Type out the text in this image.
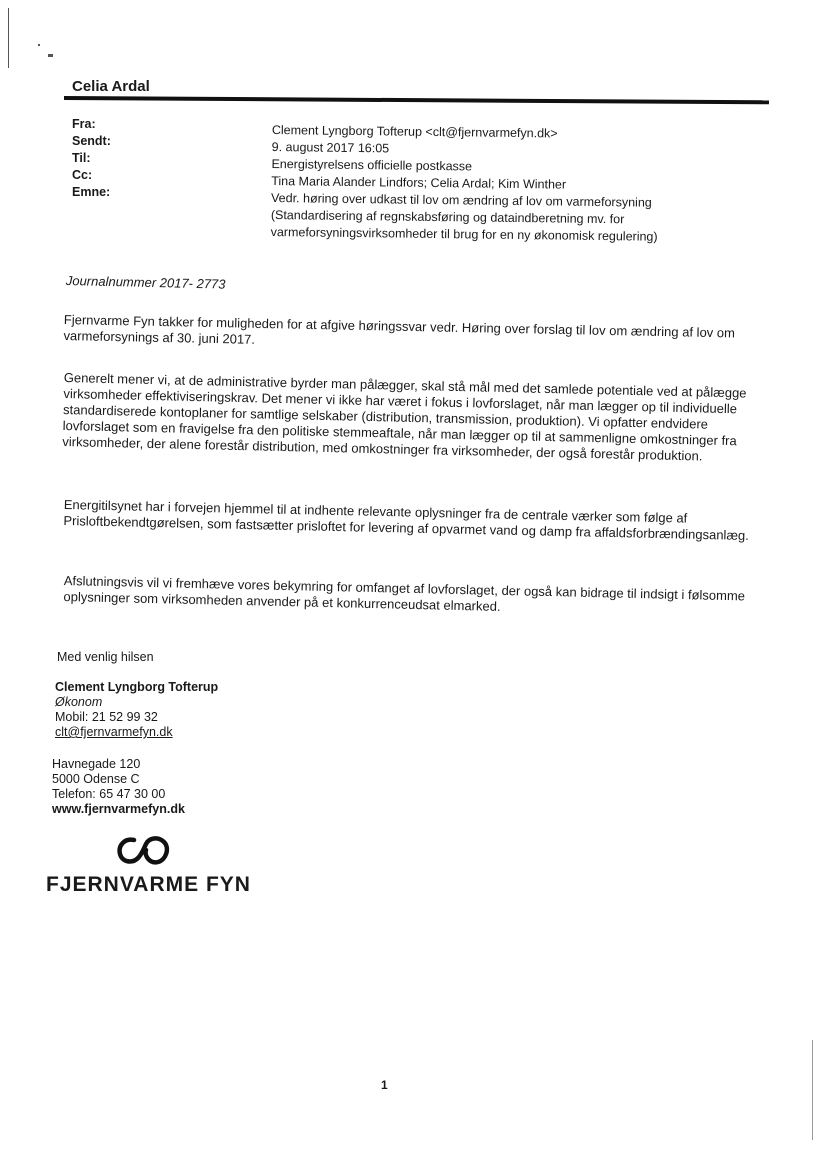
Celia Ardal
Fra:
Sendt:
Til:
Cc:
Emne:
Clement Lyngborg Tofterup <clt@fjernvarmefyn.dk>
9. august 2017 16:05
Energistyrelsens officielle postkasse
Tina Maria Alander Lindfors; Celia Ardal; Kim Winther
Vedr. høring over udkast til lov om ændring af lov om varmeforsyning
(Standardisering af regnskabsføring og dataindberetning mv. for
varmeforsyningsvirksomheder til brug for en ny økonomisk regulering)
Journalnummer 2017- 2773
Fjernvarme Fyn takker for muligheden for at afgive høringssvar vedr. Høring over forslag til lov om ændring af lov om varmeforsynings af 30. juni 2017.
Generelt mener vi, at de administrative byrder man pålægger, skal stå mål med det samlede potentiale ved at pålægge virksomheder effektiviseringskrav. Det mener vi ikke har været i fokus i lovforslaget, når man lægger op til individuelle standardiserede kontoplaner for samtlige selskaber (distribution, transmission, produktion). Vi opfatter endvidere lovforslaget som en fravigelse fra den politiske stemmeaftale, når man lægger op til at sammenligne omkostninger fra virksomheder, der alene forestår distribution, med omkostninger fra virksomheder, der også forestår produktion.
Energitilsynet har i forvejen hjemmel til at indhente relevante oplysninger fra de centrale værker som følge af Prisloftbekendtgørelsen, som fastsætter prisloftet for levering af opvarmet vand og damp fra affaldsforbrændingsanlæg.
Afslutningsvis vil vi fremhæve vores bekymring for omfanget af lovforslaget, der også kan bidrage til indsigt i følsomme oplysninger som virksomheden anvender på et konkurrenceudsat elmarked.
Med venlig hilsen
Clement Lyngborg Tofterup
Økonom
Mobil: 21 52 99 32
clt@fjernvarmefyn.dk
Havnegade 120
5000 Odense C
Telefon: 65 47 30 00
www.fjernvarmefyn.dk
FJERNVARME FYN
1
